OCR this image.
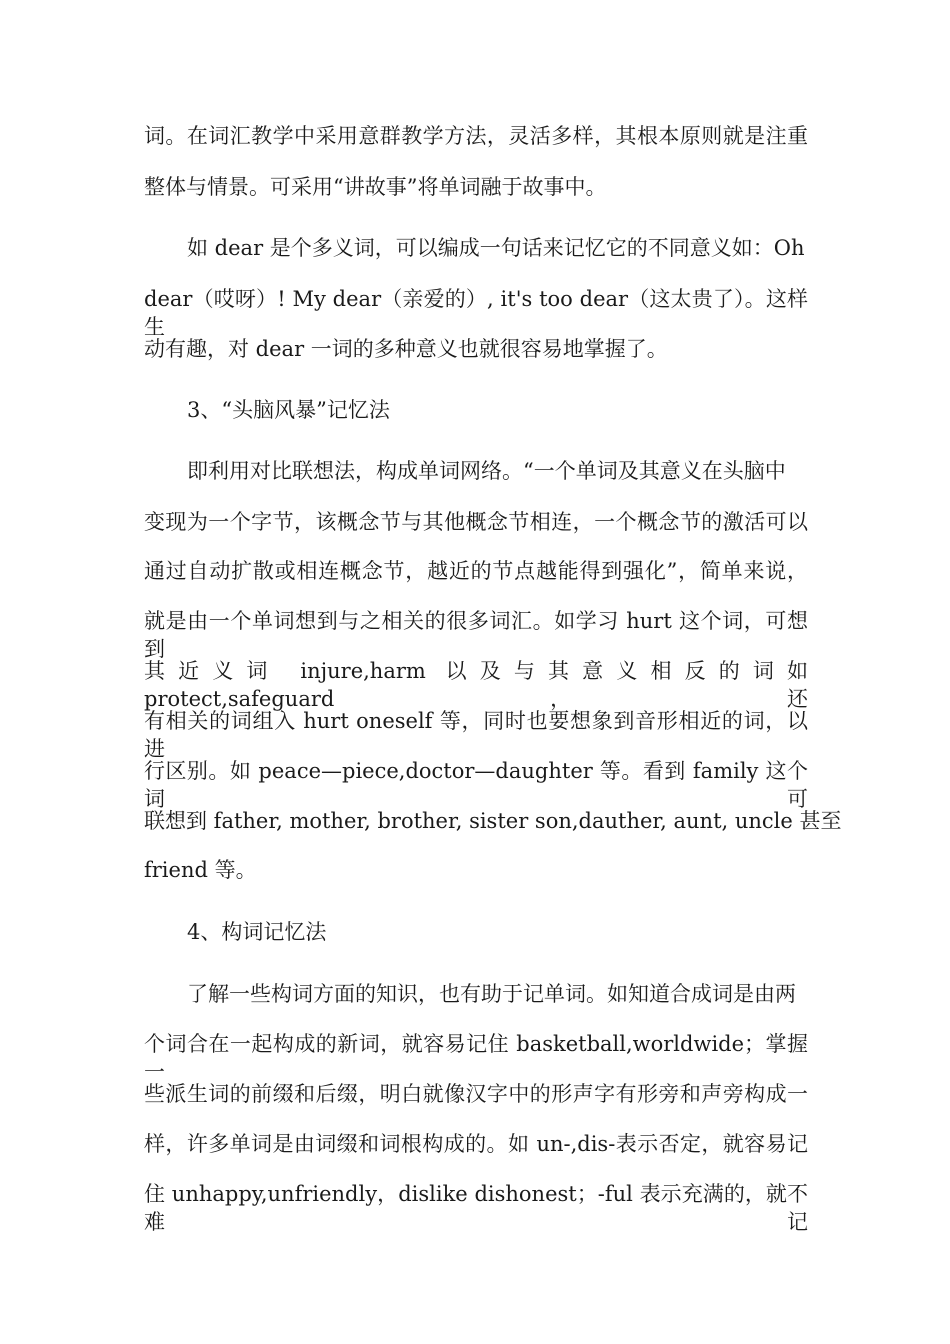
词。在词汇教学中采用意群教学方法，灵活多样，其根本原则就是注重
整体与情景。可采用“讲故事”将单词融于故事中。
如 dear 是个多义词，可以编成一句话来记忆它的不同意义如：Oh
dear（哎呀）! My dear（亲爱的）, it's too dear（这太贵了）。这样生
动有趣，对 dear 一词的多种意义也就很容易地掌握了。
3、“头脑风暴”记忆法
即利用对比联想法，构成单词网络。“一个单词及其意义在头脑中
变现为一个字节，该概念节与其他概念节相连，一个概念节的激活可以
通过自动扩散或相连概念节，越近的节点越能得到强化”，简单来说，
就是由一个单词想到与之相关的很多词汇。如学习 hurt 这个词，可想到
其近义词 injure,harm 以及与其意义相反的词如 protect,safeguard，还
有相关的词组入 hurt oneself 等，同时也要想象到音形相近的词，以进
行区别。如 peace—piece,doctor—daughter 等。看到 family 这个词可
联想到 father, mother, brother, sister son,dauther, aunt, uncle 甚至
friend 等。
4、构词记忆法
了解一些构词方面的知识，也有助于记单词。如知道合成词是由两
个词合在一起构成的新词，就容易记住 basketball,worldwide；掌握一
些派生词的前缀和后缀，明白就像汉字中的形声字有形旁和声旁构成一
样，许多单词是由词缀和词根构成的。如 un-,dis-表示否定，就容易记
住 unhappy,unfriendly，dislike dishonest；-ful 表示充满的，就不难记
